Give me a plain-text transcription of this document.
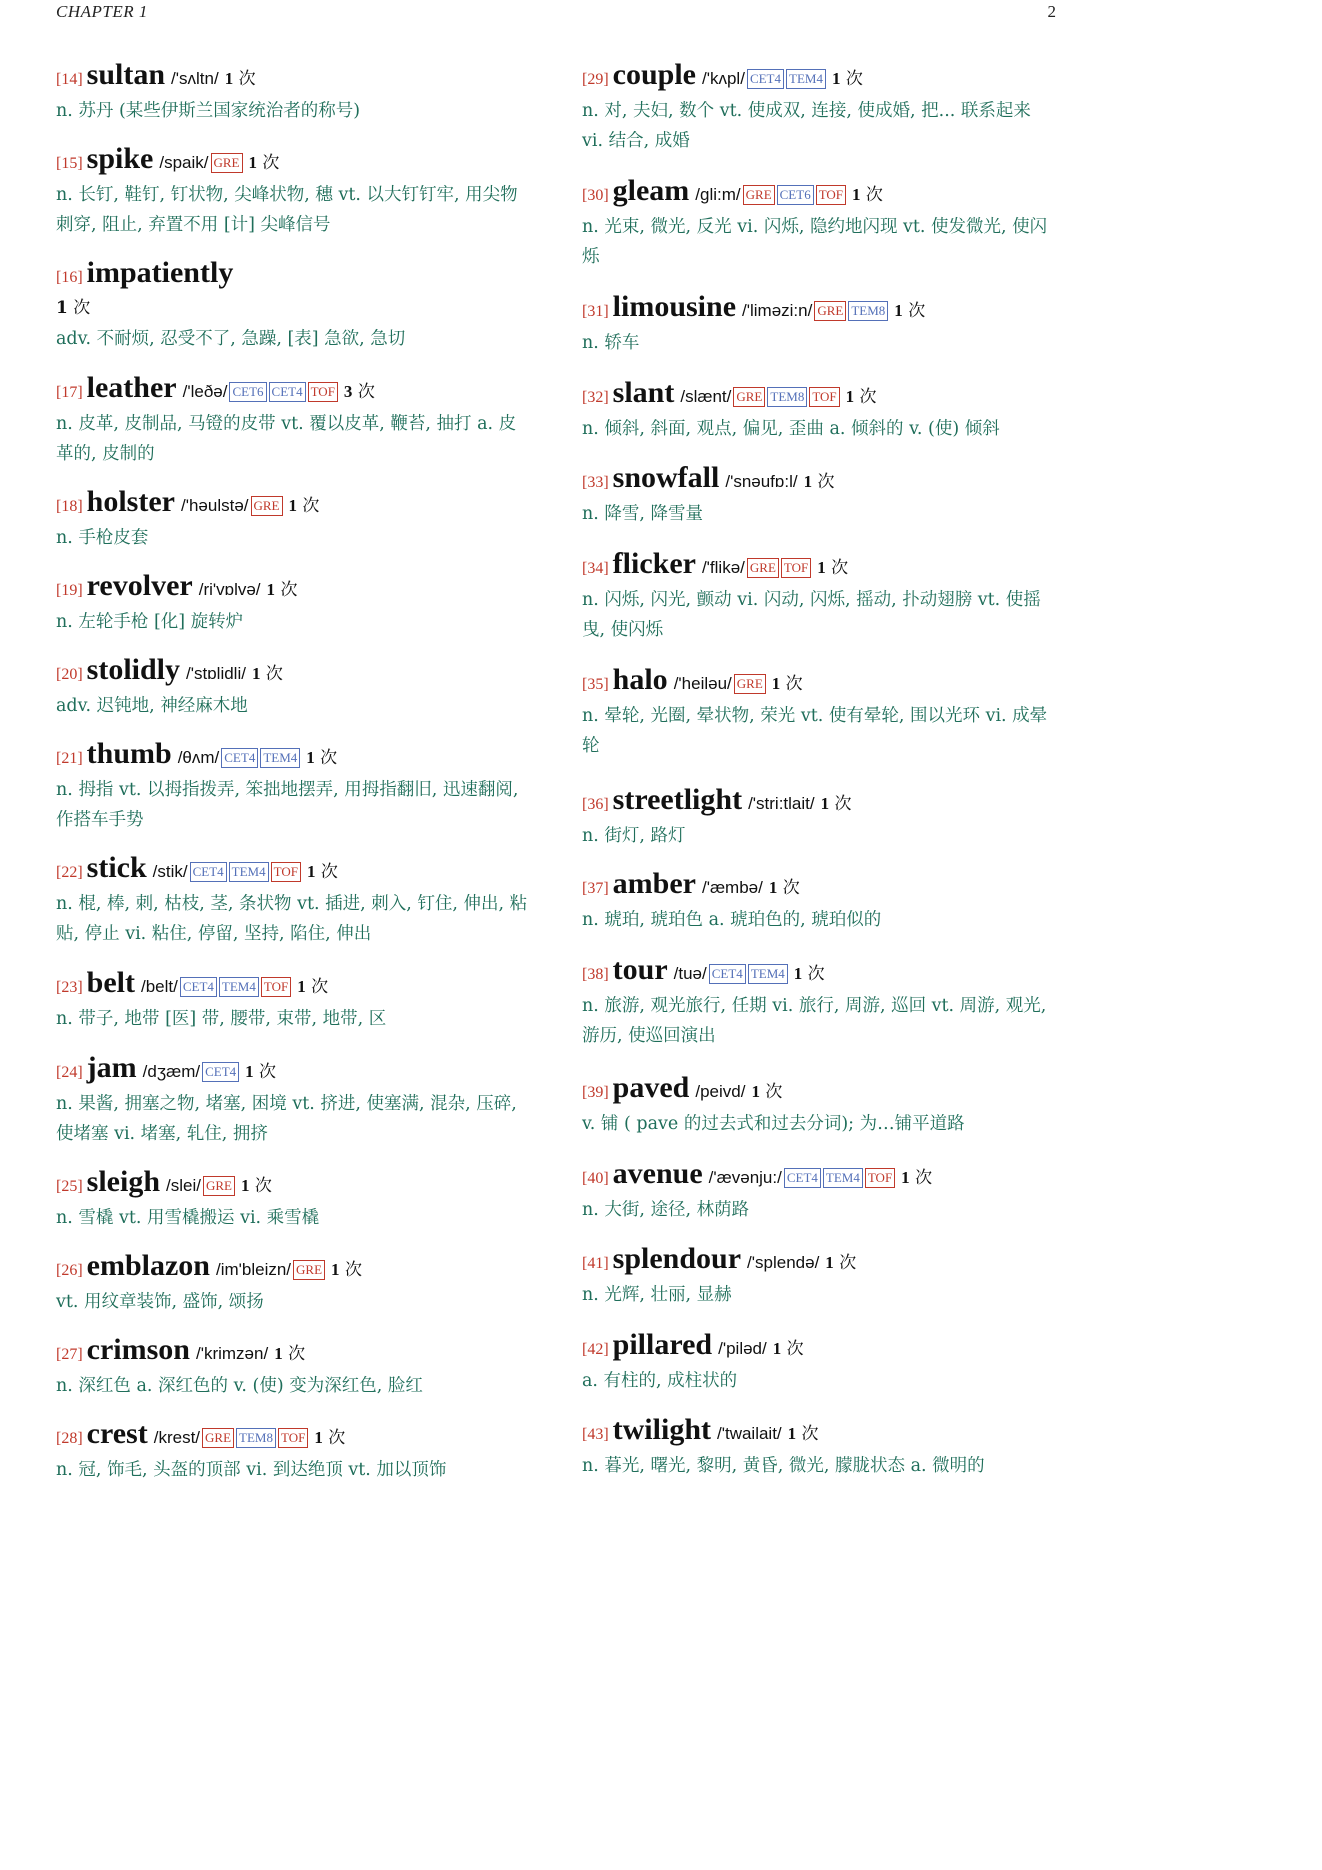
CHAPTER 1	2
[14] sultan /'sʌltn/ 1 次
n. 苏丹 (某些伊斯兰国家统治者的称号)
[15] spike /spaik/ GRE 1 次
n. 长钉, 鞋钉, 钉状物, 尖峰状物, 穗 vt. 以大钉钉牢, 用尖物刺穿, 阻止, 弃置不用 [计] 尖峰信号
[16] impatiently
1 次
adv. 不耐烦, 忍受不了, 急躁, [表] 急欲, 急切
[17] leather /'leðə/ CET6 CET4 TOF 3 次
n. 皮革, 皮制品, 马镫的皮带 vt. 覆以皮革, 鞭苔, 抽打 a. 皮革的, 皮制的
[18] holster /'həulstə/ GRE 1 次
n. 手枪皮套
[19] revolver /ri'vɒlvə/ 1 次
n. 左轮手枪 [化] 旋转炉
[20] stolidly /'stɒlidli/ 1 次
adv. 迟钝地, 神经麻木地
[21] thumb /θʌm/ CET4 TEM4 1 次
n. 拇指 vt. 以拇指拨弄, 笨拙地摆弄, 用拇指翻旧, 迅速翻阅, 作搭车手势
[22] stick /stik/ CET4 TEM4 TOF 1 次
n. 棍, 棒, 刺, 枯枝, 茎, 条状物 vt. 插进, 刺入, 钉住, 伸出, 粘贴, 停止 vi. 粘住, 停留, 坚持, 陷住, 伸出
[23] belt /belt/ CET4 TEM4 TOF 1 次
n. 带子, 地带 [医] 带, 腰带, 束带, 地带, 区
[24] jam /dʒæm/ CET4 1 次
n. 果酱, 拥塞之物, 堵塞, 困境 vt. 挤进, 使塞满, 混杂, 压碎, 使堵塞 vi. 堵塞, 轧住, 拥挤
[25] sleigh /slei/ GRE 1 次
n. 雪橇 vt. 用雪橇搬运 vi. 乘雪橇
[26] emblazon /im'bleizn/ GRE 1 次
vt. 用纹章装饰, 盛饰, 颂扬
[27] crimson /'krimzən/ 1 次
n. 深红色 a. 深红色的 v. (使) 变为深红色, 脸红
[28] crest /krest/ GRE TEM8 TOF 1 次
n. 冠, 饰毛, 头盔的顶部 vi. 到达绝顶 vt. 加以顶饰
[29] couple /'kʌpl/ CET4 TEM4 1 次
n. 对, 夫妇, 数个 vt. 使成双, 连接, 使成婚, 把... 联系起来 vi. 结合, 成婚
[30] gleam /gli:m/ GRE CET6 TOF 1 次
n. 光束, 微光, 反光 vi. 闪烁, 隐约地闪现 vt. 使发微光, 使闪烁
[31] limousine /'liməzi:n/ GRE TEM8 1 次
n. 轿车
[32] slant /slænt/ GRE TEM8 TOF 1 次
n. 倾斜, 斜面, 观点, 偏见, 歪曲 a. 倾斜的 v. (使) 倾斜
[33] snowfall /'snəufɒ:l/ 1 次
n. 降雪, 降雪量
[34] flicker /'flikə/ GRE TOF 1 次
n. 闪烁, 闪光, 颤动 vi. 闪动, 闪烁, 摇动, 扑动翅膀 vt. 使摇曳, 使闪烁
[35] halo /'heiləu/ GRE 1 次
n. 晕轮, 光圈, 晕状物, 荣光 vt. 使有晕轮, 围以光环 vi. 成晕轮
[36] streetlight /'stri:tlait/ 1 次
n. 街灯, 路灯
[37] amber /'æmbə/ 1 次
n. 琥珀, 琥珀色 a. 琥珀色的, 琥珀似的
[38] tour /tuə/ CET4 TEM4 1 次
n. 旅游, 观光旅行, 任期 vi. 旅行, 周游, 巡回 vt. 周游, 观光, 游历, 使巡回演出
[39] paved /peivd/ 1 次
v. 铺 ( pave 的过去式和过去分词); 为…铺平道路
[40] avenue /'ævənju:/ CET4 TEM4 TOF 1 次
n. 大街, 途径, 林荫路
[41] splendour /'splendə/ 1 次
n. 光辉, 壮丽, 显赫
[42] pillared /'piləd/ 1 次
a. 有柱的, 成柱状的
[43] twilight /'twailait/ 1 次
n. 暮光, 曙光, 黎明, 黄昏, 微光, 朦胧状态 a. 微明的
